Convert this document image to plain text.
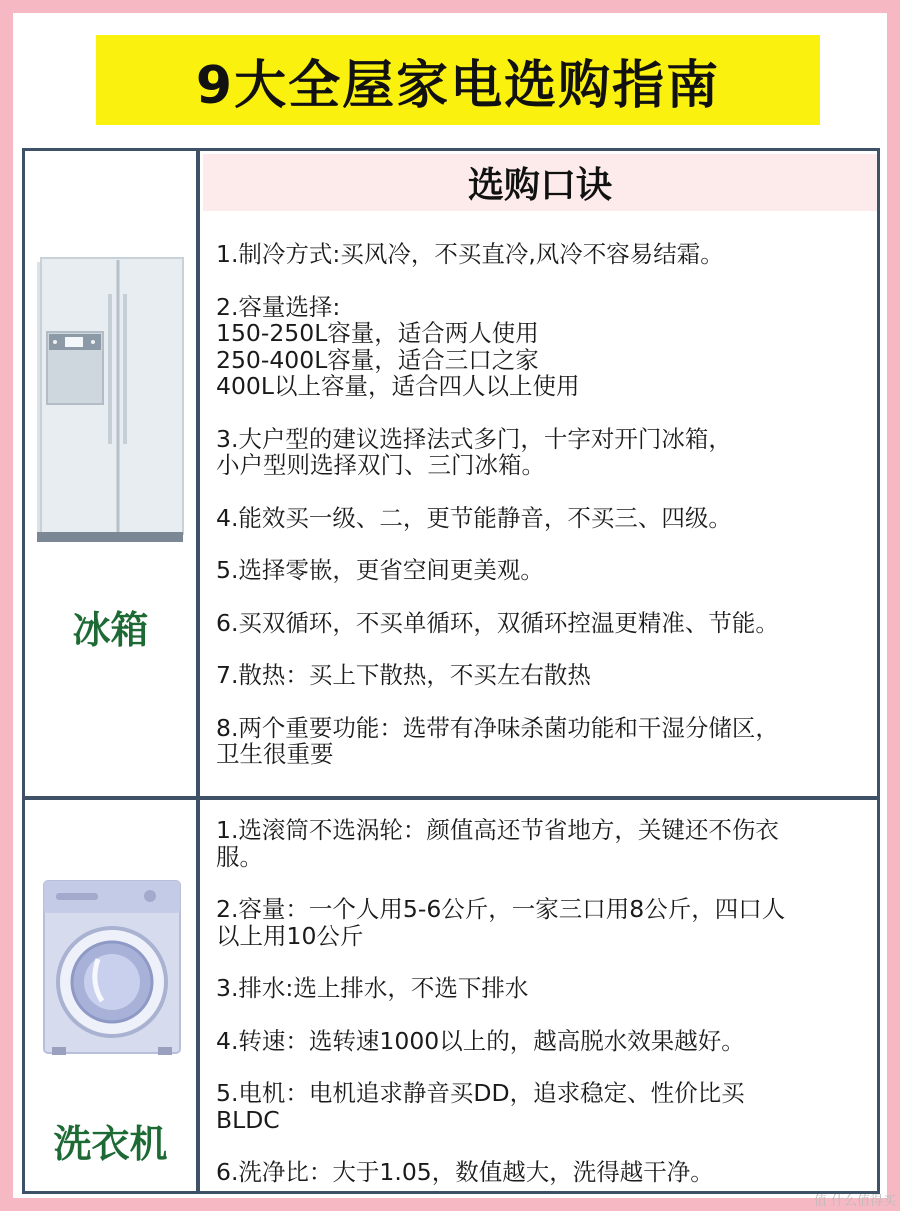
9大全屋家电选购指南
选购口诀
冰箱
1.制冷方式:买风冷，不买直冷,风冷不容易结霜。
2.容量选择:
150-250L容量，适合两人使用
250-400L容量，适合三口之家
400L以上容量，适合四人以上使用
3.大户型的建议选择法式多门，十字对开门冰箱，
小户型则选择双门、三门冰箱。
4.能效买一级、二，更节能静音，不买三、四级。
5.选择零嵌，更省空间更美观。
6.买双循环，不买单循环，双循环控温更精准、节能。
7.散热：买上下散热，不买左右散热
8.两个重要功能：选带有净味杀菌功能和干湿分储区，
卫生很重要
洗衣机
1.选滚筒不选涡轮：颜值高还节省地方，关键还不伤衣
服。
2.容量：一个人用5-6公斤，一家三口用8公斤，四口人
以上用10公斤
3.排水:选上排水，不选下排水
4.转速：选转速1000以上的，越高脱水效果越好。
5.电机：电机追求静音买DD，追求稳定、性价比买
BLDC
6.洗净比：大于1.05，数值越大，洗得越干净。
值 什么值得买
